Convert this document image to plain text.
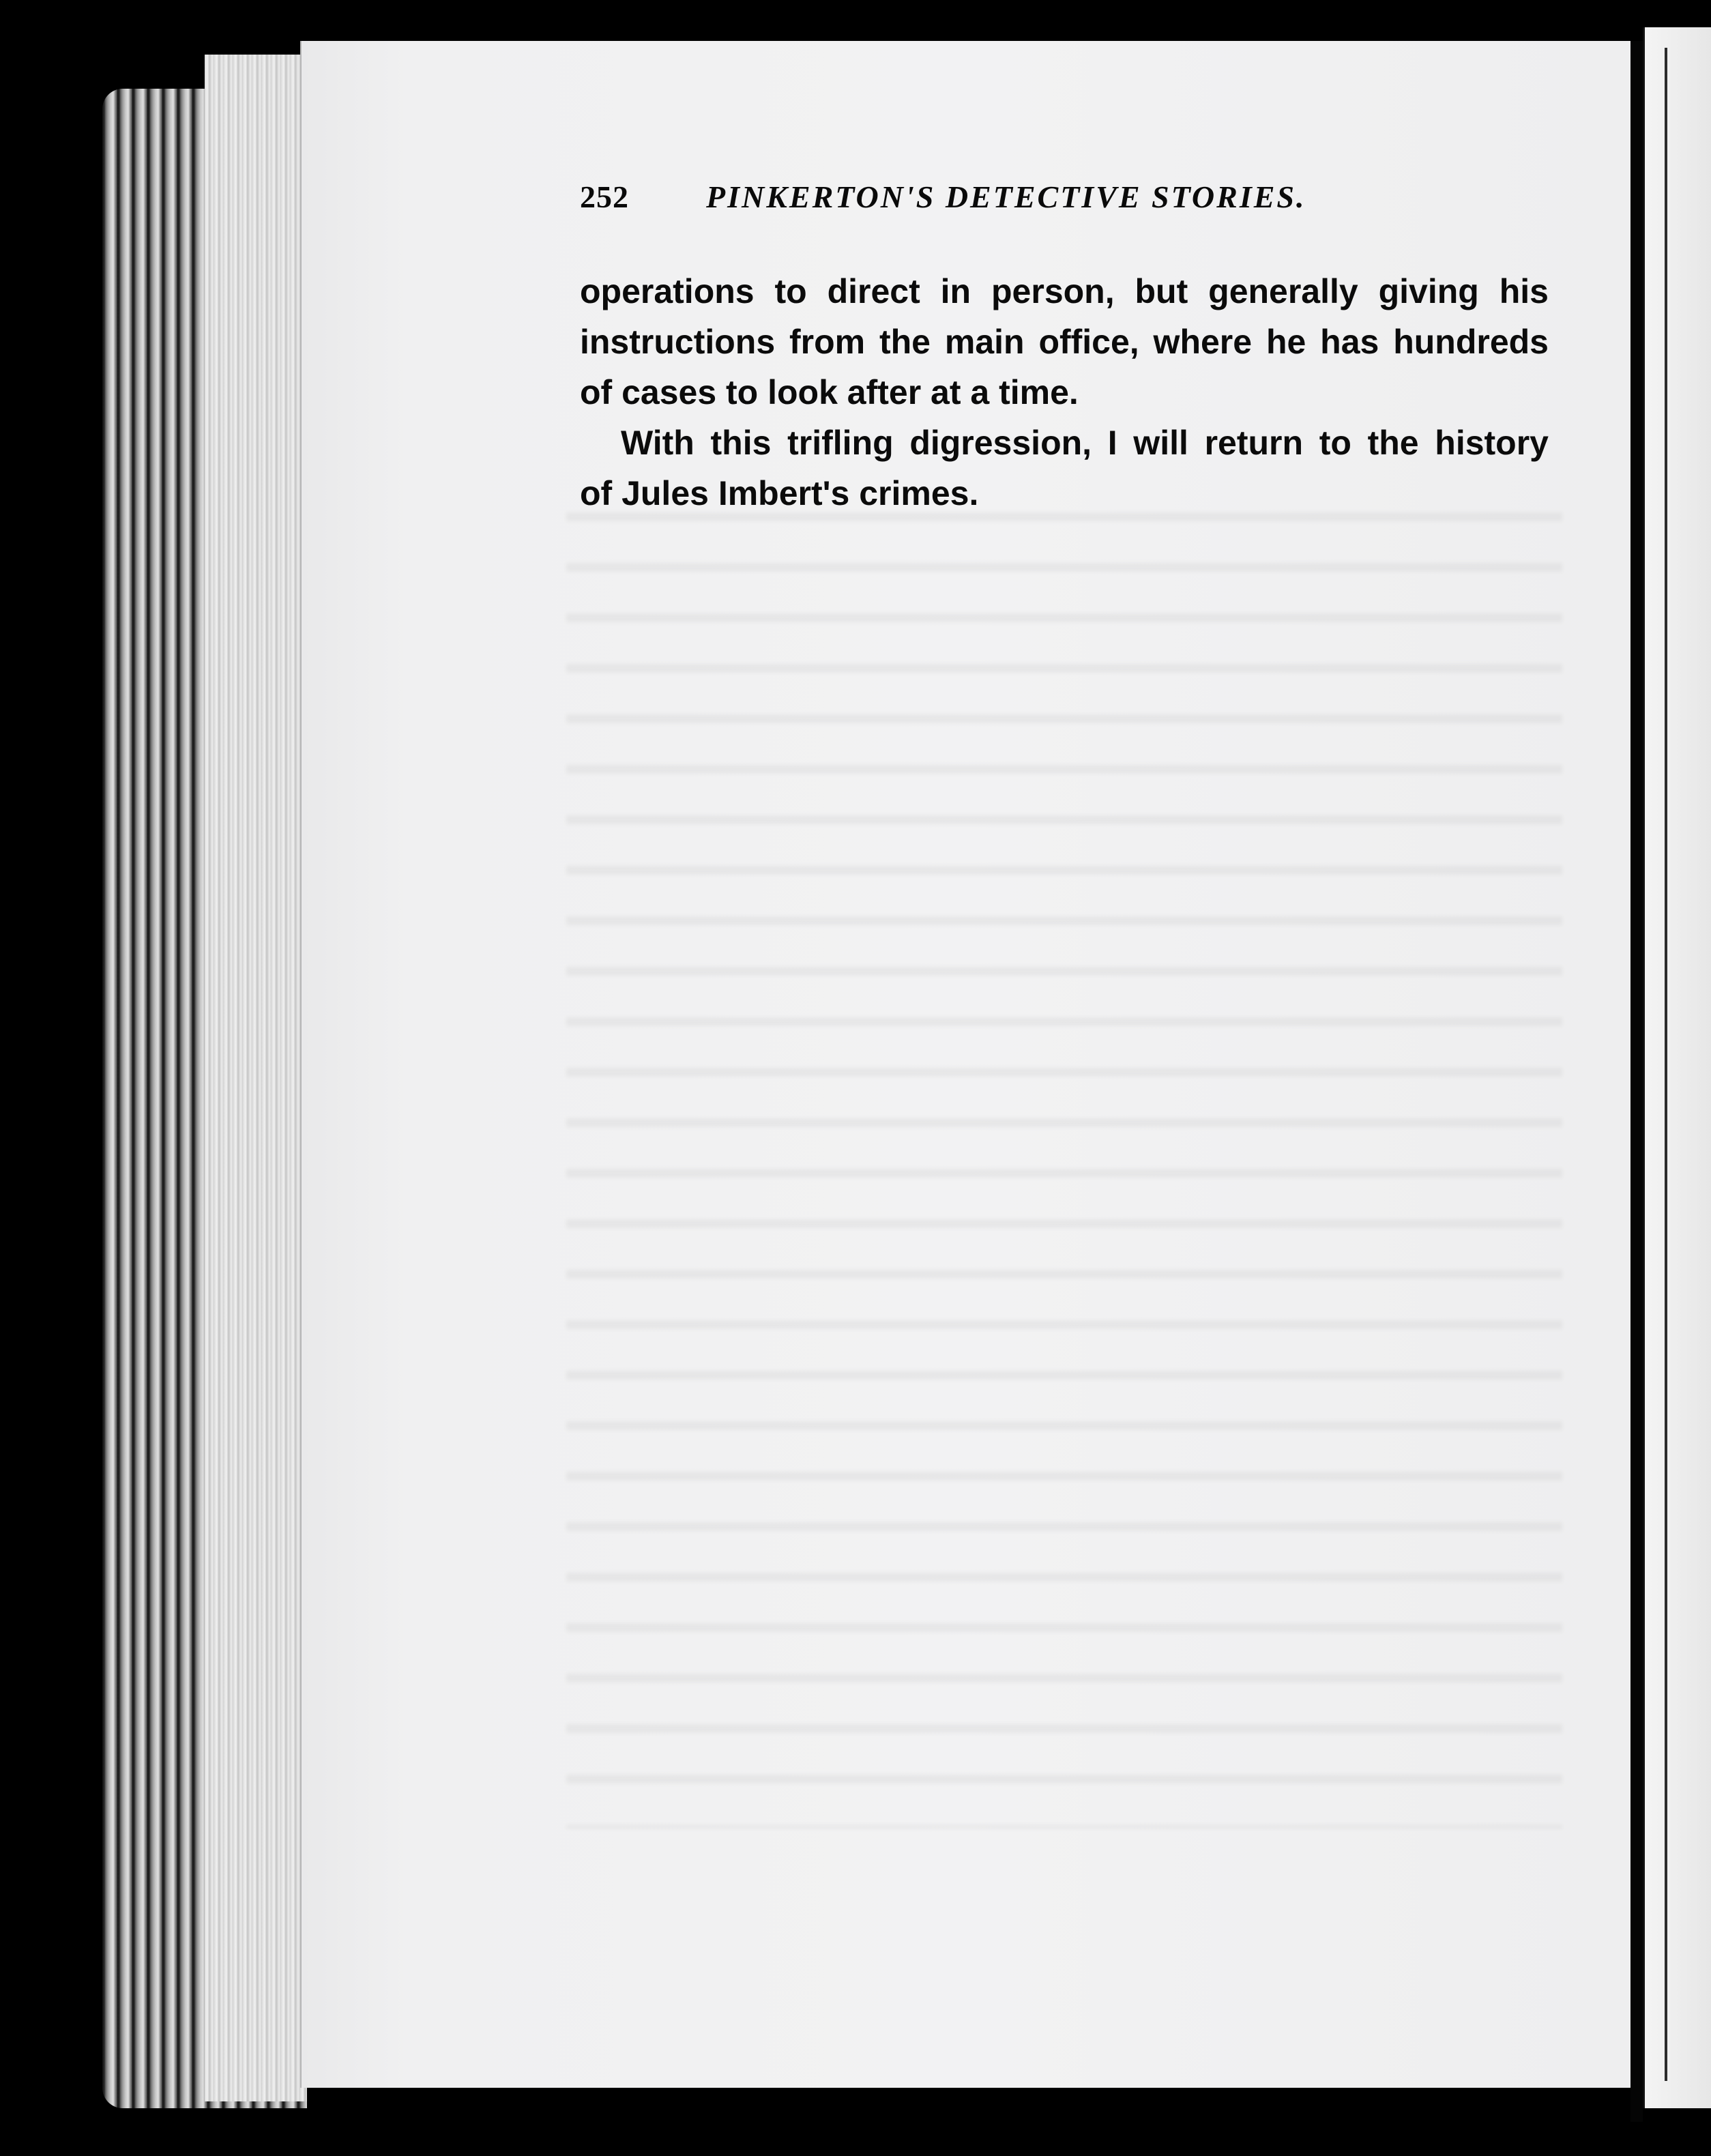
252 PINKERTON'S DETECTIVE STORIES.
operations to direct in person, but generally giving his
instructions from the main office, where he has hundreds
of cases to look after at a time.
With this trifling digression, I will return to the history
of Jules Imbert's crimes.
